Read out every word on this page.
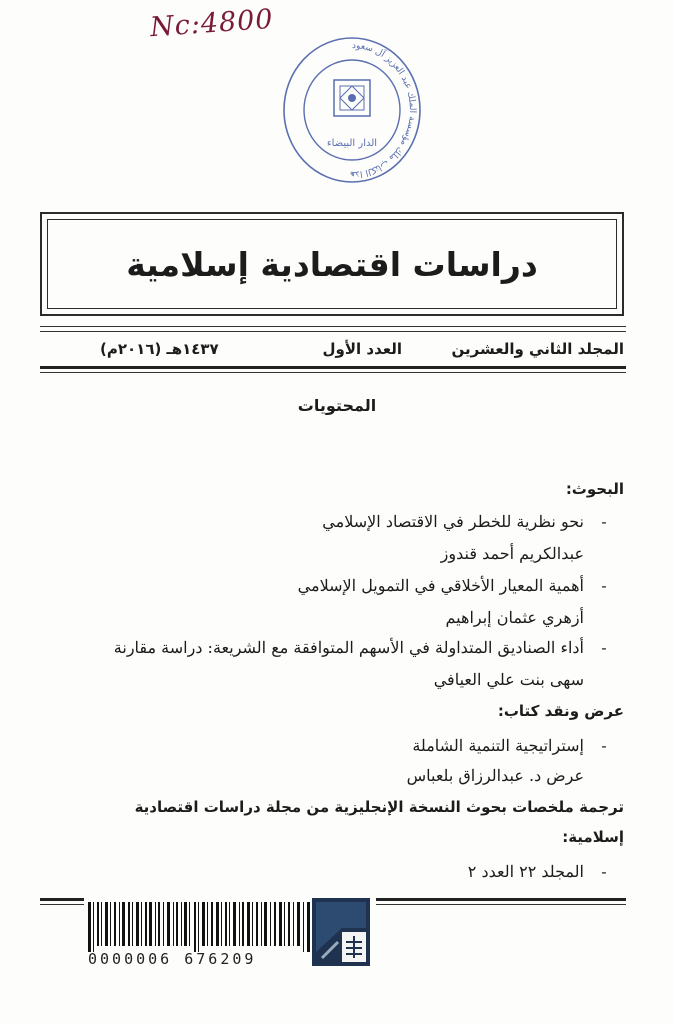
Nc:4800
هذا الكتاب ملك مؤسسة الملك عبد العزيز آل سعود
الدار البيضاء
دراسات اقتصادية إسلامية
المجلد الثاني والعشرين
العدد الأول
١٤٣٧هـ (٢٠١٦م)
المحتويات
البحوث:
-نحو نظرية للخطر في الاقتصاد الإسلامي
عبدالكريم أحمد قندوز
-أهمية المعيار الأخلاقي في التمويل الإسلامي
أزهري عثمان إبراهيم
-أداء الصناديق المتداولة في الأسهم المتوافقة مع الشريعة: دراسة مقارنة
سهى بنت علي العيافي
عرض ونقد كتاب:
-إستراتيجية التنمية الشاملة
عرض د. عبدالرزاق بلعباس
ترجمة ملخصات بحوث النسخة الإنجليزية من مجلة دراسات اقتصادية
إسلامية:
-المجلد ٢٢ العدد ٢
0000006 676209
